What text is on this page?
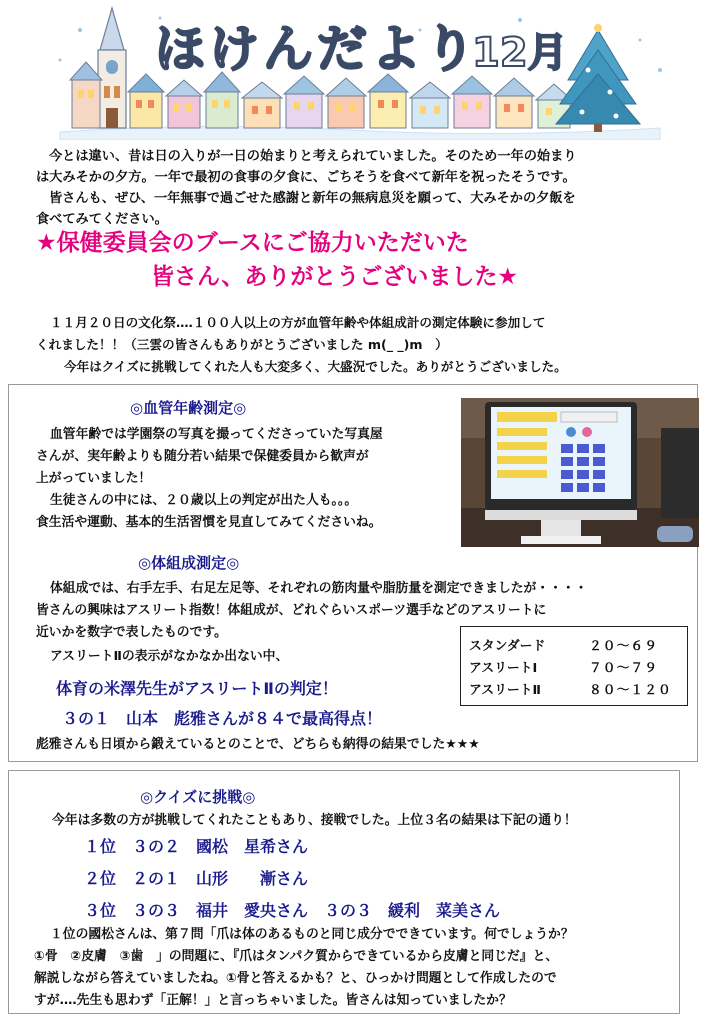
ほけんだより
12月

今とは違い、昔は日の入りが一日の始まりと考えられていました。そのため一年の始まり

は大みそかの夕方。一年で最初の食事の夕食に、ごちそうを食べて新年を祝ったそうです。

皆さんも、ぜひ、一年無事で過ごせた感謝と新年の無病息災を願って、大みそかの夕飯を

食べてみてください。

★保健委員会のブースにご協力いただいた
皆さん、ありがとうございました★

１１月２０日の文化祭‥‥１００人以上の方が血管年齢や体組成計の測定体験に参加して

くれました！！（三雲の皆さんもありがとうございました m(_ _)m　）

今年はクイズに挑戦してくれた人も大変多く、大盛況でした。ありがとうございました。

◎血管年齢測定◎
血管年齢では学園祭の写真を撮ってくださっていた写真屋
さんが、実年齢よりも随分若い結果で保健委員から歓声が
上がっていました！
生徒さんの中には、２０歳以上の判定が出た人も。。。
食生活や運動、基本的生活習慣を見直してみてくださいね。
◎体組成測定◎
体組成では、右手左手、右足左足等、それぞれの筋肉量や脂肪量を測定できましたが・・・・
皆さんの興味はアスリート指数！体組成が、どれぐらいスポーツ選手などのアスリートに
近いかを数字で表したものです。
アスリートⅡの表示がなかなか出ない中、
スタンダード	２０～６９
アスリートⅠ	７０～７９
アスリートⅡ	８０～１２０
体育の米澤先生がアスリートⅡの判定！
３の１　山本　彪雅さんが８４で最高得点！
彪雅さんも日頃から鍛えているとのことで、どちらも納得の結果でした★★★
◎クイズに挑戦◎
今年は多数の方が挑戦してくれたこともあり、接戦でした。上位３名の結果は下記の通り！
１位　３の２　國松　星希さん
２位　２の１　山形　　漸さん
３位　３の３　福井　愛央さん　３の３　緩利　菜美さん
１位の國松さんは、第７問「爪は体のあるものと同じ成分でできています。何でしょうか？
①骨　②皮膚　③歯　」の問題に、『爪はタンパク質からできているから皮膚と同じだ』と、
解説しながら答えていましたね。①骨と答えるかも？と、ひっかけ問題として作成したので
すが‥‥先生も思わず「正解！」と言っちゃいました。皆さんは知っていましたか？
